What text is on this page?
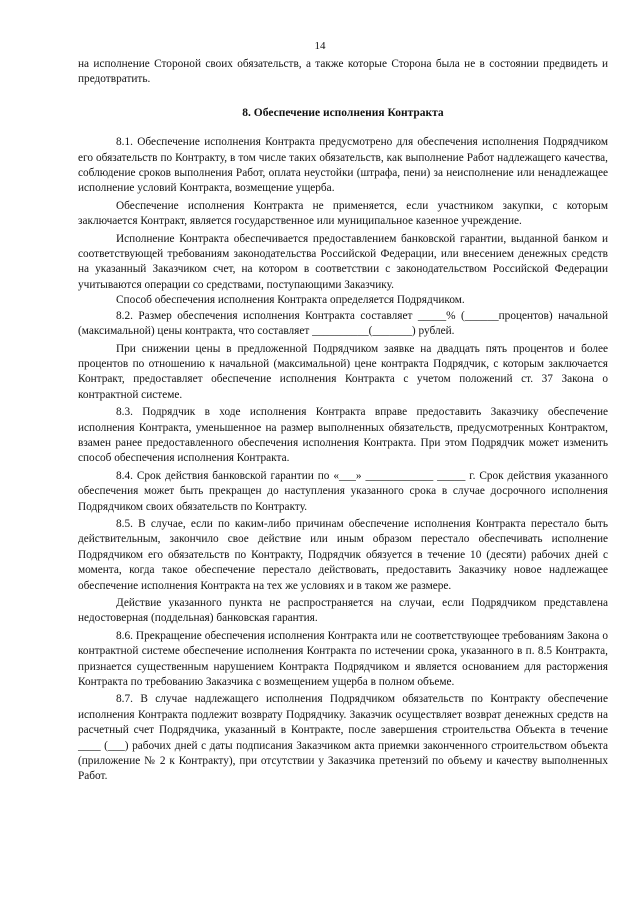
14

на исполнение Стороной своих обязательств, а также которые Сторона была не в состоянии предвидеть и предотвратить.

8. Обеспечение исполнения Контракта

8.1. Обеспечение исполнения Контракта предусмотрено для обеспечения исполнения Подрядчиком его обязательств по Контракту, в том числе таких обязательств, как выполнение Работ надлежащего качества, соблюдение сроков выполнения Работ, оплата неустойки (штрафа, пени) за неисполнение или ненадлежащее исполнение условий Контракта, возмещение ущерба.

Обеспечение исполнения Контракта не применяется, если участником закупки, с которым заключается Контракт, является государственное или муниципальное казенное учреждение.

Исполнение Контракта обеспечивается предоставлением банковской гарантии, выданной банком и соответствующей требованиям законодательства Российской Федерации, или внесением денежных средств на указанный Заказчиком счет, на котором в соответствии с законодательством Российской Федерации учитываются операции со средствами, поступающими Заказчику.

Способ обеспечения исполнения Контракта определяется Подрядчиком.

8.2. Размер обеспечения исполнения Контракта составляет _____% (______процентов) начальной (максимальной) цены контракта, что составляет __________(_______) рублей.

При снижении цены в предложенной Подрядчиком заявке на двадцать пять процентов и более процентов по отношению к начальной (максимальной) цене контракта Подрядчик, с которым заключается Контракт, предоставляет обеспечение исполнения Контракта с учетом положений ст. 37 Закона о контрактной системе.

8.3. Подрядчик в ходе исполнения Контракта вправе предоставить Заказчику обеспечение исполнения Контракта, уменьшенное на размер выполненных обязательств, предусмотренных Контрактом, взамен ранее предоставленного обеспечения исполнения Контракта. При этом Подрядчик может изменить способ обеспечения исполнения Контракта.

8.4. Срок действия банковской гарантии по «___» ____________ _____ г. Срок действия указанного обеспечения может быть прекращен до наступления указанного срока в случае досрочного исполнения Подрядчиком своих обязательств по Контракту.

8.5. В случае, если по каким-либо причинам обеспечение исполнения Контракта перестало быть действительным, закончило свое действие или иным образом перестало обеспечивать исполнение Подрядчиком его обязательств по Контракту, Подрядчик обязуется в течение 10 (десяти) рабочих дней с момента, когда такое обеспечение перестало действовать, предоставить Заказчику новое надлежащее обеспечение исполнения Контракта на тех же условиях и в таком же размере.

Действие указанного пункта не распространяется на случаи, если Подрядчиком представлена недостоверная (поддельная) банковская гарантия.

8.6. Прекращение обеспечения исполнения Контракта или не соответствующее требованиям Закона о контрактной системе обеспечение исполнения Контракта по истечении срока, указанного в п. 8.5 Контракта, признается существенным нарушением Контракта Подрядчиком и является основанием для расторжения Контракта по требованию Заказчика с возмещением ущерба в полном объеме.

8.7. В случае надлежащего исполнения Подрядчиком обязательств по Контракту обеспечение исполнения Контракта подлежит возврату Подрядчику. Заказчик осуществляет возврат денежных средств на расчетный счет Подрядчика, указанный в Контракте, после завершения строительства Объекта в течение ____ (___) рабочих дней с даты подписания Заказчиком акта приемки законченного строительством объекта (приложение № 2 к Контракту), при отсутствии у Заказчика претензий по объему и качеству выполненных Работ.
